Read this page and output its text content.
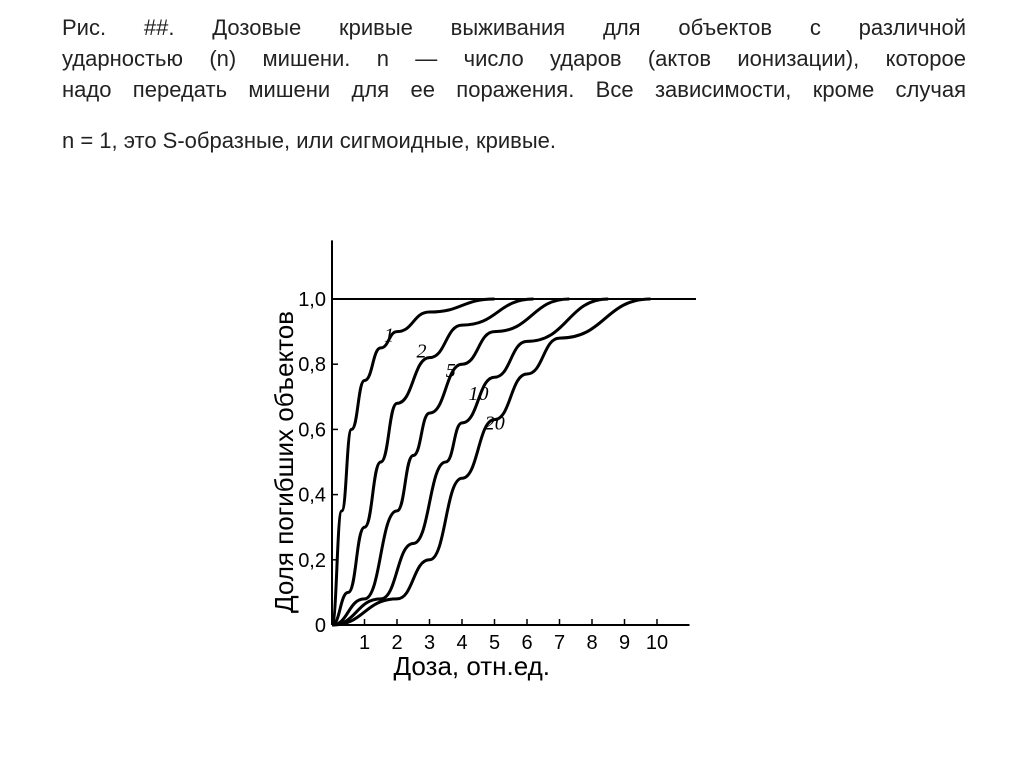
Рис. ##. Дозовые кривые выживания для объектов с различной

ударностью (n) мишени. n — число ударов (актов ионизации), которое

надо передать мишени для ее поражения. Все зависимости, кроме случая

n = 1, это S-образные, или сигмоидные, кривые.

1 2 3 4 5 6 7 8 9 10
0
0,2
0,4
0,6
0,8
1,0
Доза, отн.ед.
Доля погибших объектов	1
2
5
10
20
